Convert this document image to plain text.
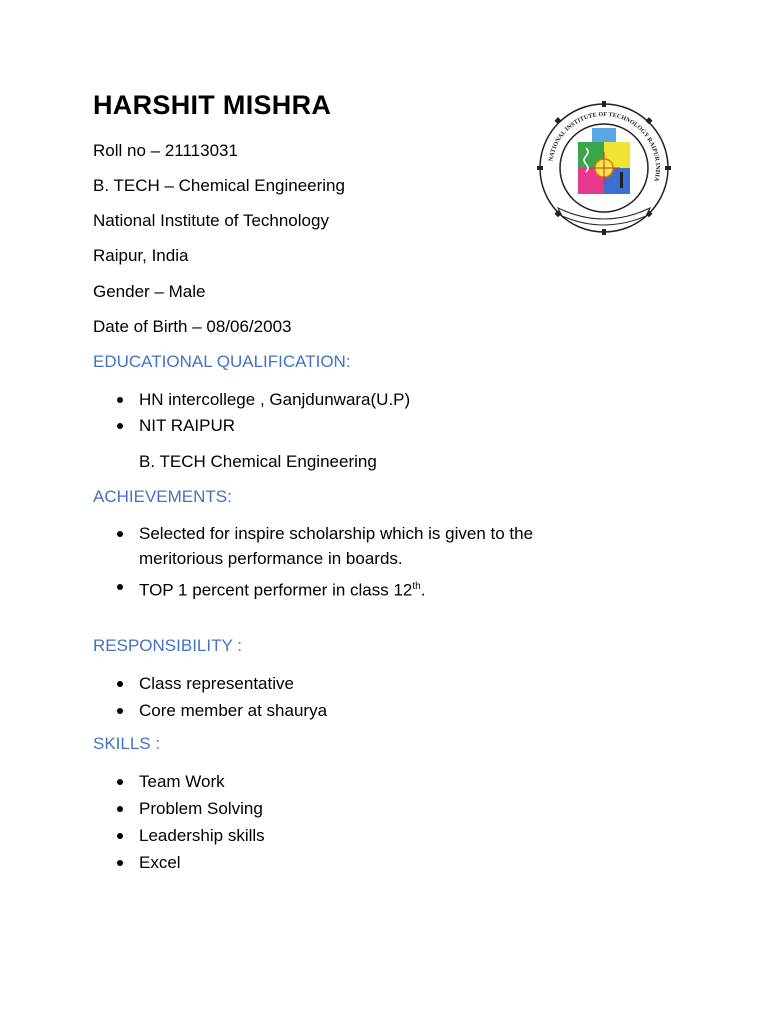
HARSHIT MISHRA
Roll no – 21113031
B. TECH – Chemical Engineering
National Institute of Technology
Raipur, India
Gender – Male
Date of Birth – 08/06/2003
NATIONAL INSTITUTE OF TECHNOLOGY RAIPUR INDIA
EDUCATIONAL QUALIFICATION:
HN intercollege , Ganjdunwara(U.P)
NIT RAIPUR
B. TECH Chemical Engineering
ACHIEVEMENTS:
Selected for inspire scholarship which is given to the
meritorious performance in boards.
TOP 1 percent performer in class 12th.
RESPONSIBILITY :
Class representative
Core member at shaurya
SKILLS :
Team Work
Problem Solving
Leadership skills
Excel
